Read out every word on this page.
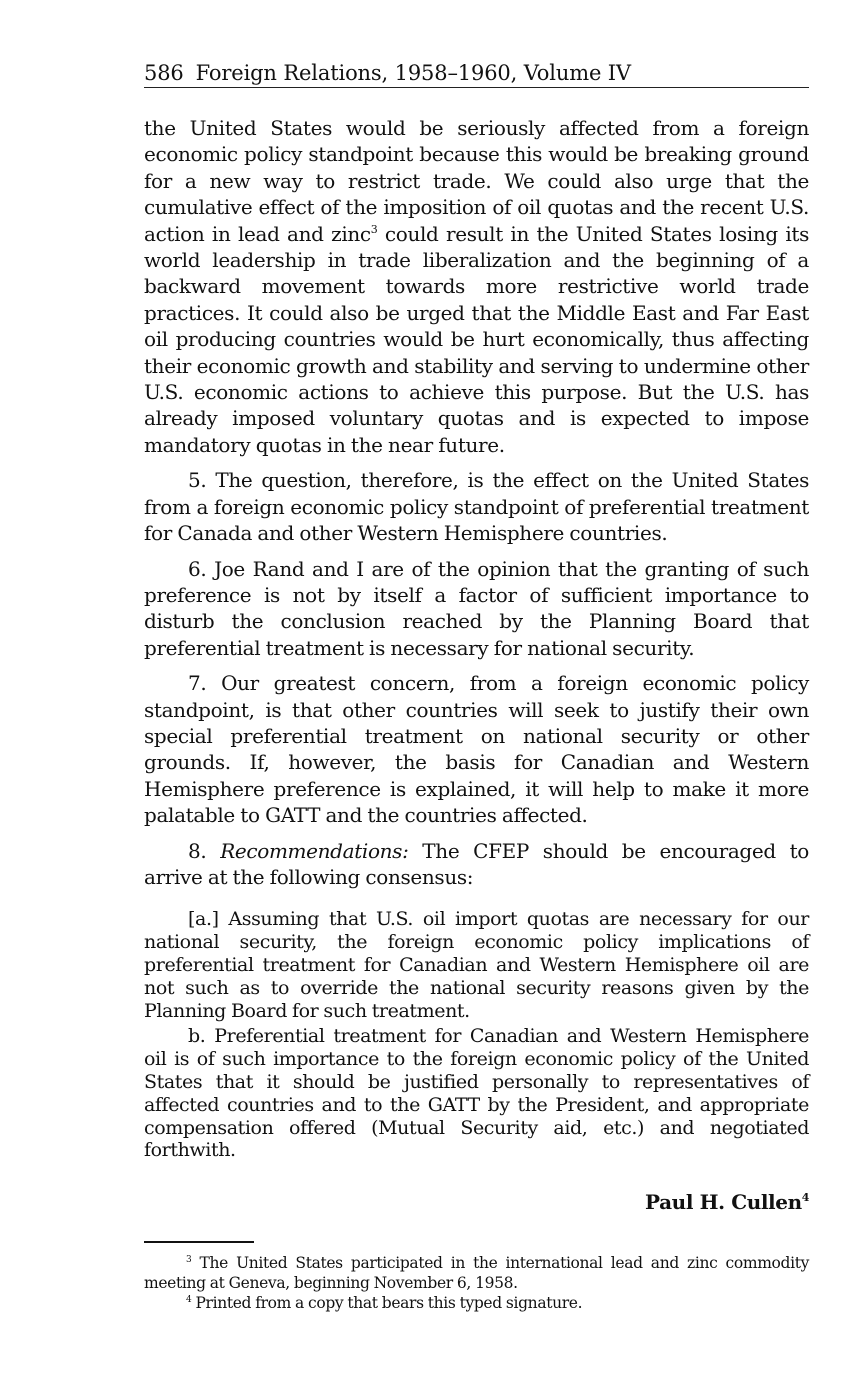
586 Foreign Relations, 1958–1960, Volume IV

the United States would be seriously affected from a foreign economic policy standpoint because this would be breaking ground for a new way to restrict trade. We could also urge that the cumulative effect of the imposition of oil quotas and the recent U.S. action in lead and zinc$^3$ could result in the United States losing its world leadership in trade liberalization and the beginning of a backward movement towards more restrictive world trade practices. It could also be urged that the Middle East and Far East oil producing countries would be hurt economically, thus affecting their economic growth and stability and serving to undermine other U.S. economic actions to achieve this purpose. But the U.S. has already imposed voluntary quotas and is expected to impose mandatory quotas in the near future.

5. The question, therefore, is the effect on the United States from a foreign economic policy standpoint of preferential treatment for Canada and other Western Hemisphere countries.

6. Joe Rand and I are of the opinion that the granting of such preference is not by itself a factor of sufficient importance to disturb the conclusion reached by the Planning Board that preferential treatment is necessary for national security.

7. Our greatest concern, from a foreign economic policy standpoint, is that other countries will seek to justify their own special preferential treatment on national security or other grounds. If, however, the basis for Canadian and Western Hemisphere preference is explained, it will help to make it more palatable to GATT and the countries affected.

8. Recommendations: The CFEP should be encouraged to arrive at the following consensus:

[a.] Assuming that U.S. oil import quotas are necessary for our national security, the foreign economic policy implications of preferential treatment for Canadian and Western Hemisphere oil are not such as to override the national security reasons given by the Planning Board for such treatment.

b. Preferential treatment for Canadian and Western Hemisphere oil is of such importance to the foreign economic policy of the United States that it should be justified personally to representatives of affected countries and to the GATT by the President, and appropriate compensation offered (Mutual Security aid, etc.) and negotiated forthwith.

Paul H. Cullen$^4$

$^3$ The United States participated in the international lead and zinc commodity meeting at Geneva, beginning November 6, 1958.

$^4$ Printed from a copy that bears this typed signature.
